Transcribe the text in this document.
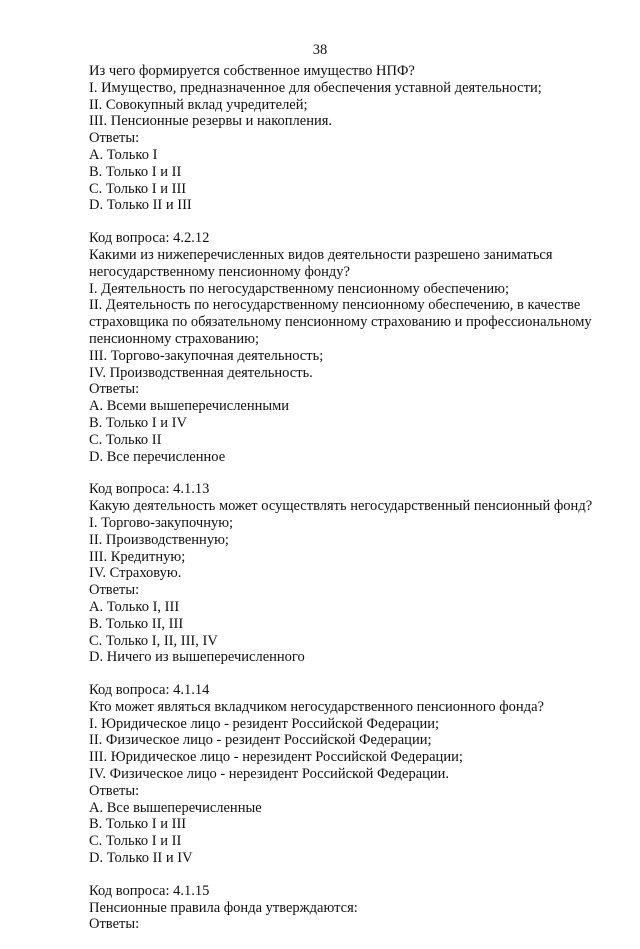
38
Из чего формируется собственное имущество НПФ?
I. Имущество, предназначенное для обеспечения уставной деятельности;
II. Совокупный вклад учредителей;
III. Пенсионные резервы и накопления.
Ответы:
A. Только I
B. Только I и II
C. Только I и III
D. Только II и III
Код вопроса: 4.2.12
Какими из нижеперечисленных видов деятельности разрешено заниматься
негосударственному пенсионному фонду?
I. Деятельность по негосударственному пенсионному обеспечению;
II. Деятельность по негосударственному пенсионному обеспечению, в качестве
страховщика по обязательному пенсионному страхованию и профессиональному
пенсионному страхованию;
III. Торгово-закупочная деятельность;
IV. Производственная деятельность.
Ответы:
A. Всеми вышеперечисленными
B. Только I и IV
C. Только II
D. Все перечисленное
Код вопроса: 4.1.13
Какую деятельность может осуществлять негосударственный пенсионный фонд?
I. Торгово-закупочную;
II. Производственную;
III. Кредитную;
IV. Страховую.
Ответы:
A. Только I, III
B. Только II, III
C. Только I, II, III, IV
D. Ничего из вышеперечисленного
Код вопроса: 4.1.14
Кто может являться вкладчиком негосударственного пенсионного фонда?
I. Юридическое лицо - резидент Российской Федерации;
II. Физическое лицо - резидент Российской Федерации;
III. Юридическое лицо - нерезидент Российской Федерации;
IV. Физическое лицо - нерезидент Российской Федерации.
Ответы:
A. Все вышеперечисленные
B. Только I и III
C. Только I и II
D. Только II и IV
Код вопроса: 4.1.15
Пенсионные правила фонда утверждаются:
Ответы:
